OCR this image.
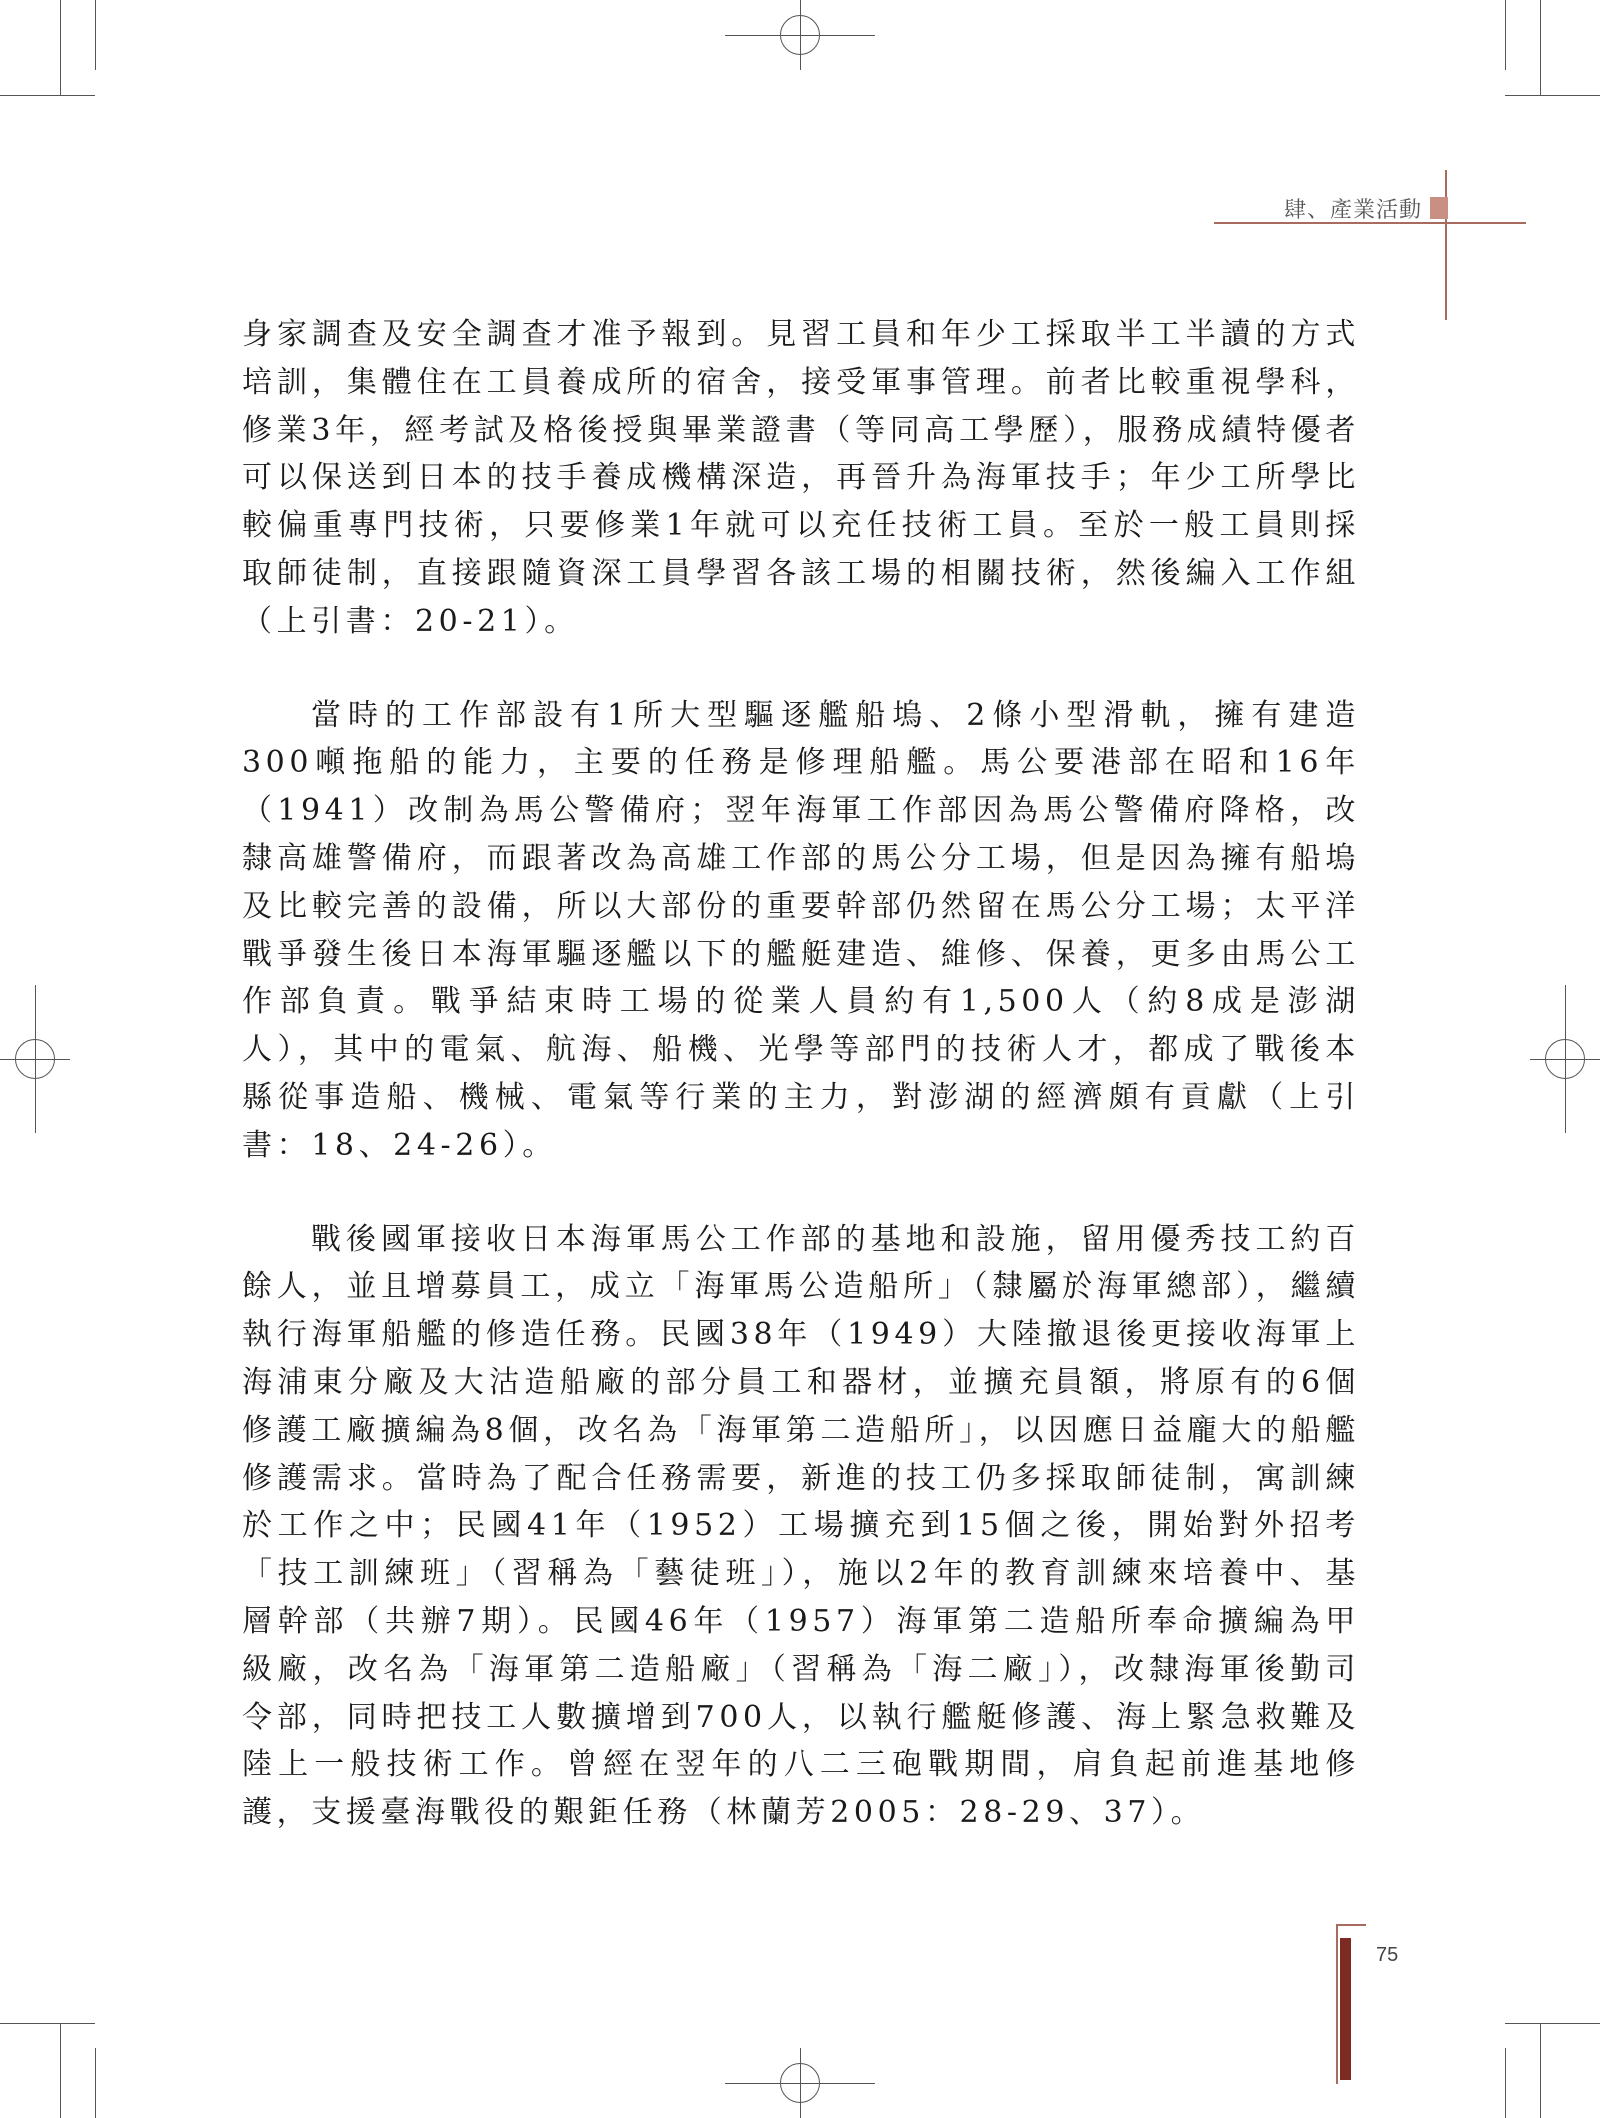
肆、產業活動

身家調查及安全調查才准予報到。見習工員和年少工採取半工半讀的方式培訓，集體住在工員養成所的宿舍，接受軍事管理。前者比較重視學科，修業3年，經考試及格後授與畢業證書（等同高工學歷），服務成績特優者可以保送到日本的技手養成機構深造，再晉升為海軍技手；年少工所學比較偏重專門技術，只要修業1年就可以充任技術工員。至於一般工員則採取師徒制，直接跟隨資深工員學習各該工場的相關技術，然後編入工作組（上引書：20-21）。

當時的工作部設有1所大型驅逐艦船塢、2條小型滑軌，擁有建造300噸拖船的能力，主要的任務是修理船艦。馬公要港部在昭和16年（1941）改制為馬公警備府；翌年海軍工作部因為馬公警備府降格，改隸高雄警備府，而跟著改為高雄工作部的馬公分工場，但是因為擁有船塢及比較完善的設備，所以大部份的重要幹部仍然留在馬公分工場；太平洋戰爭發生後日本海軍驅逐艦以下的艦艇建造、維修、保養，更多由馬公工作部負責。戰爭結束時工場的從業人員約有1,500人（約8成是澎湖人），其中的電氣、航海、船機、光學等部門的技術人才，都成了戰後本縣從事造船、機械、電氣等行業的主力，對澎湖的經濟頗有貢獻（上引書：18、24-26）。

戰後國軍接收日本海軍馬公工作部的基地和設施，留用優秀技工約百餘人，並且增募員工，成立「海軍馬公造船所」（隸屬於海軍總部），繼續執行海軍船艦的修造任務。民國38年（1949）大陸撤退後更接收海軍上海浦東分廠及大沽造船廠的部分員工和器材，並擴充員額，將原有的6個修護工廠擴編為8個，改名為「海軍第二造船所」，以因應日益龐大的船艦修護需求。當時為了配合任務需要，新進的技工仍多採取師徒制，寓訓練於工作之中；民國41年（1952）工場擴充到15個之後，開始對外招考「技工訓練班」（習稱為「藝徒班」），施以2年的教育訓練來培養中、基層幹部（共辦7期）。民國46年（1957）海軍第二造船所奉命擴編為甲級廠，改名為「海軍第二造船廠」（習稱為「海二廠」），改隸海軍後勤司令部，同時把技工人數擴增到700人，以執行艦艇修護、海上緊急救難及陸上一般技術工作。曾經在翌年的八二三砲戰期間，肩負起前進基地修護，支援臺海戰役的艱鉅任務（林蘭芳2005：28-29、37）。

75
